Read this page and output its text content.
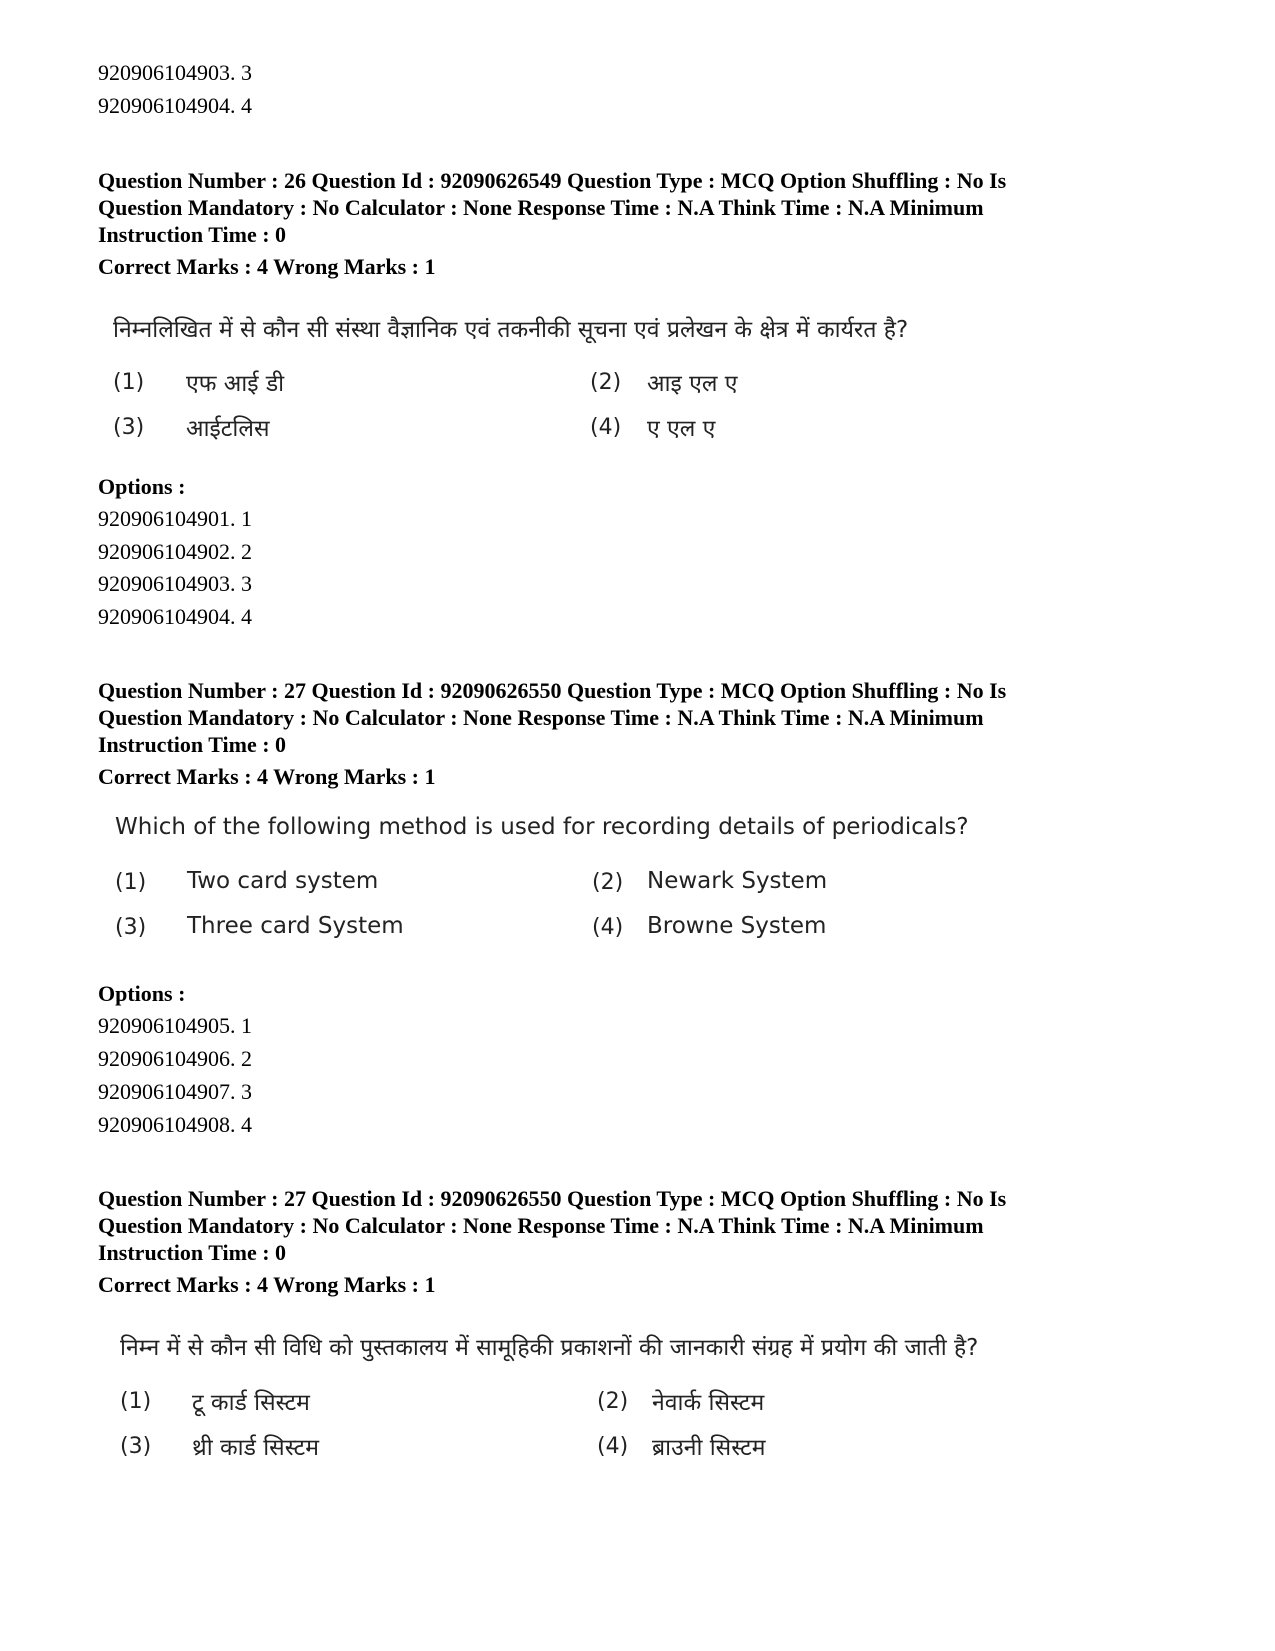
920906104903. 3
920906104904. 4
Question Number : 26 Question Id : 92090626549 Question Type : MCQ Option Shuffling : No Is
Question Mandatory : No Calculator : None Response Time : N.A Think Time : N.A Minimum
Instruction Time : 0
Correct Marks : 4 Wrong Marks : 1
निम्नलिखित में से कौन सी संस्था वैज्ञानिक एवं तकनीकी सूचना एवं प्रलेखन के क्षेत्र में कार्यरत है?
(1) एफ आई डी	(2) आइ एल ए
(3) आईटलिस	(4) ए एल ए
Options :
920906104901. 1
920906104902. 2
920906104903. 3
920906104904. 4
Question Number : 27 Question Id : 92090626550 Question Type : MCQ Option Shuffling : No Is
Question Mandatory : No Calculator : None Response Time : N.A Think Time : N.A Minimum
Instruction Time : 0
Correct Marks : 4 Wrong Marks : 1
Which of the following method is used for recording details of periodicals?
(1) Two card system	(2) Newark System
(3) Three card System	(4) Browne System
Options :
920906104905. 1
920906104906. 2
920906104907. 3
920906104908. 4
Question Number : 27 Question Id : 92090626550 Question Type : MCQ Option Shuffling : No Is
Question Mandatory : No Calculator : None Response Time : N.A Think Time : N.A Minimum
Instruction Time : 0
Correct Marks : 4 Wrong Marks : 1
निम्न में से कौन सी विधि को पुस्तकालय में सामूहिकी प्रकाशनों की जानकारी संग्रह में प्रयोग की जाती है?
(1) टू कार्ड सिस्टम	(2) नेवार्क सिस्टम
(3) थ्री कार्ड सिस्टम	(4) ब्राउनी सिस्टम
